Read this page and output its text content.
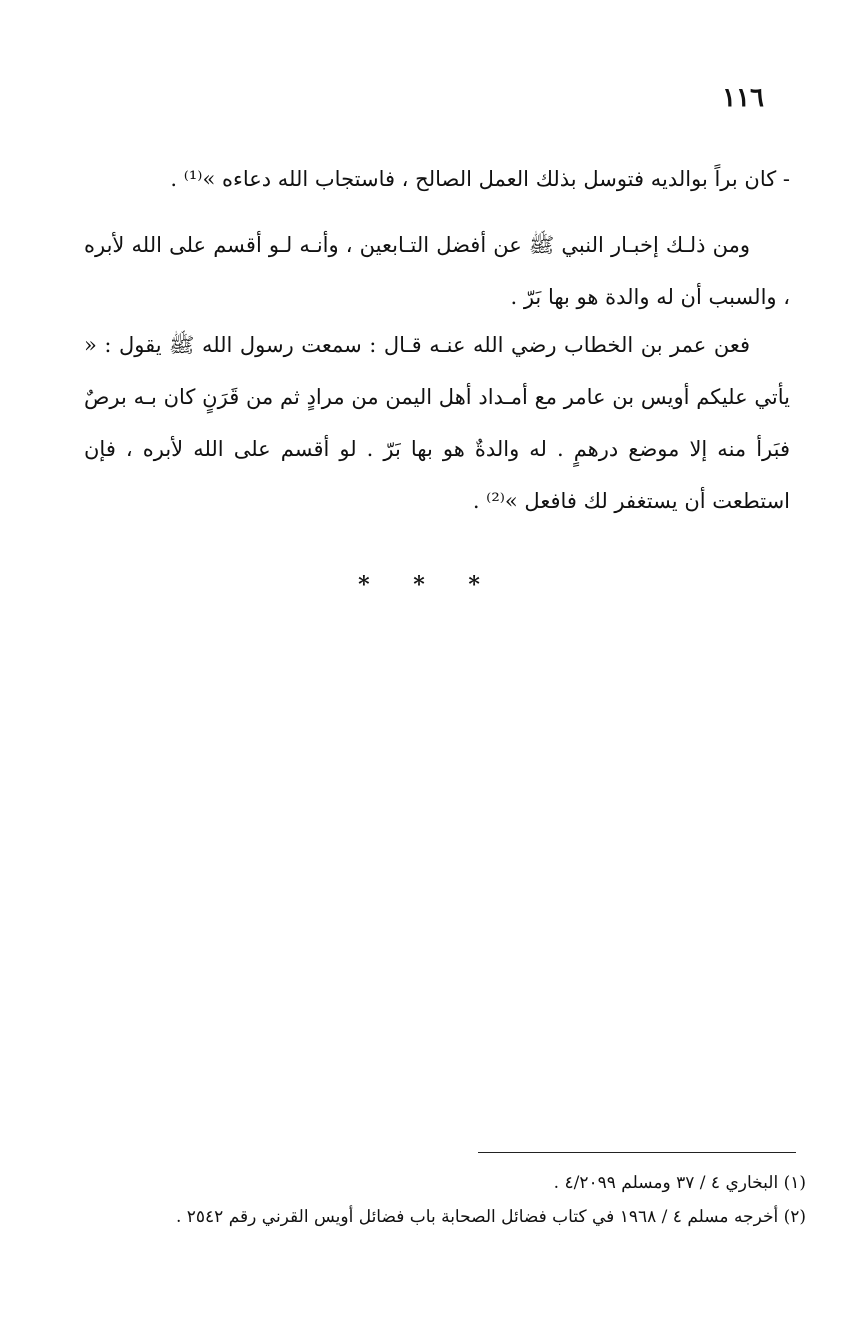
١١٦

- كان براً بوالديه فتوسل بذلك العمل الصالح ، فاستجاب الله دعاءه »⁽¹⁾ .

ومن ذلـك إخبـار النبي ﷺ عن أفضل التـابعين ، وأنـه لـو أقسم على الله لأبره ، والسبب أن له والدة هو بها بَرّ .

فعن عمر بن الخطاب رضي الله عنـه قـال : سمعت رسول الله ﷺ يقول : « يأتي عليكم أويس بن عامر مع أمـداد أهل اليمن من مرادٍ ثم من قَرَنٍ كان بـه برصٌ فبَرأ منه إلا موضع درهمٍ . له والدةٌ هو بها بَرّ . لو أقسم على الله لأبره ، فإن استطعت أن يستغفر لك فافعل »⁽²⁾ .

* * *
(١) البخاري ٤ / ٣٧ ومسلم ٤/٢٠٩٩ .
(٢) أخرجه مسلم ٤ / ١٩٦٨ في كتاب فضائل الصحابة باب فضائل أويس القرني رقم ٢٥٤٢ .
